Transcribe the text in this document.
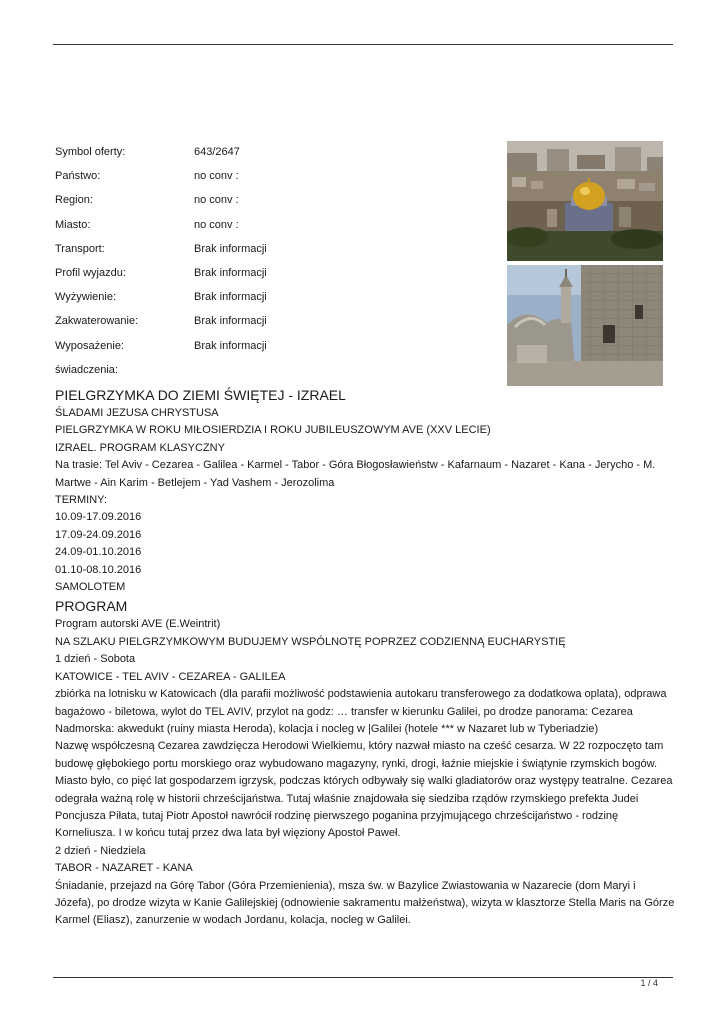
Symbol oferty:	643/2647
Państwo:	no conv :
Region:	no conv :
Miasto:	no conv :
Transport:	Brak informacji
Profil wyjazdu:	Brak informacji
Wyżywienie:	Brak informacji
Zakwaterowanie:	Brak informacji
Wyposażenie:	Brak informacji
świadczenia:
PIELGRZYMKA DO ZIEMI ŚWIĘTEJ - IZRAEL

ŚLADAMI JEZUSA CHRYSTUSA

PIELGRZYMKA W ROKU MIŁOSIERDZIA I ROKU JUBILEUSZOWYM AVE (XXV LECIE)

IZRAEL. PROGRAM KLASYCZNY

Na trasie: Tel Aviv - Cezarea - Galilea - Karmel - Tabor - Góra Błogosławieństw - Kafarnaum - Nazaret - Kana - Jerycho - M. Martwe - Ain Karim - Betlejem - Yad Vashem - Jerozolima

TERMINY:

10.09-17.09.2016

17.09-24.09.2016

24.09-01.10.2016

01.10-08.10.2016

SAMOLOTEM

PROGRAM

Program autorski AVE (E.Weintrit)

NA SZLAKU PIELGRZYMKOWYM BUDUJEMY WSPÓLNOTĘ POPRZEZ CODZIENNĄ EUCHARYSTIĘ

1 dzień - Sobota

KATOWICE - TEL AVIV - CEZAREA - GALILEA

zbiórka na lotnisku w Katowicach (dla parafii możliwość podstawienia autokaru transferowego za dodatkowa oplata), odprawa bagażowo - biletowa, wylot do TEL AVIV, przylot na godz: … transfer w kierunku Galilei, po drodze panorama: Cezarea Nadmorska: akwedukt (ruiny miasta Heroda), kolacja i nocleg w |Galilei (hotele *** w Nazaret lub w Tyberiadzie)

Nazwę współczesną Cezarea zawdzięcza Herodowi Wielkiemu, który nazwał miasto na cześć cesarza. W 22 rozpoczęto tam budowę głębokiego portu morskiego oraz wybudowano magazyny, rynki, drogi, łaźnie miejskie i świątynie rzymskich bogów. Miasto było, co pięć lat gospodarzem igrzysk, podczas których odbywały się walki gladiatorów oraz występy teatralne. Cezarea odegrała ważną rolę w historii chrześcijaństwa. Tutaj właśnie znajdowała się siedziba rządów rzymskiego prefekta Judei Poncjusza Piłata, tutaj Piotr Apostoł nawrócił rodzinę pierwszego poganina przyjmującego chrześcijaństwo - rodzinę Korneliusza. I w końcu tutaj przez dwa lata był więziony Apostoł Paweł.

2 dzień - Niedziela

TABOR - NAZARET - KANA

Śniadanie, przejazd na Górę Tabor (Góra Przemienienia), msza św. w Bazylice Zwiastowania w Nazarecie (dom Maryi i Józefa), po drodze wizyta w Kanie Galilejskiej (odnowienie sakramentu małżeństwa), wizyta w klasztorze Stella Maris na Górze Karmel (Eliasz), zanurzenie w wodach Jordanu, kolacja, nocleg w Galilei.

1 / 4
